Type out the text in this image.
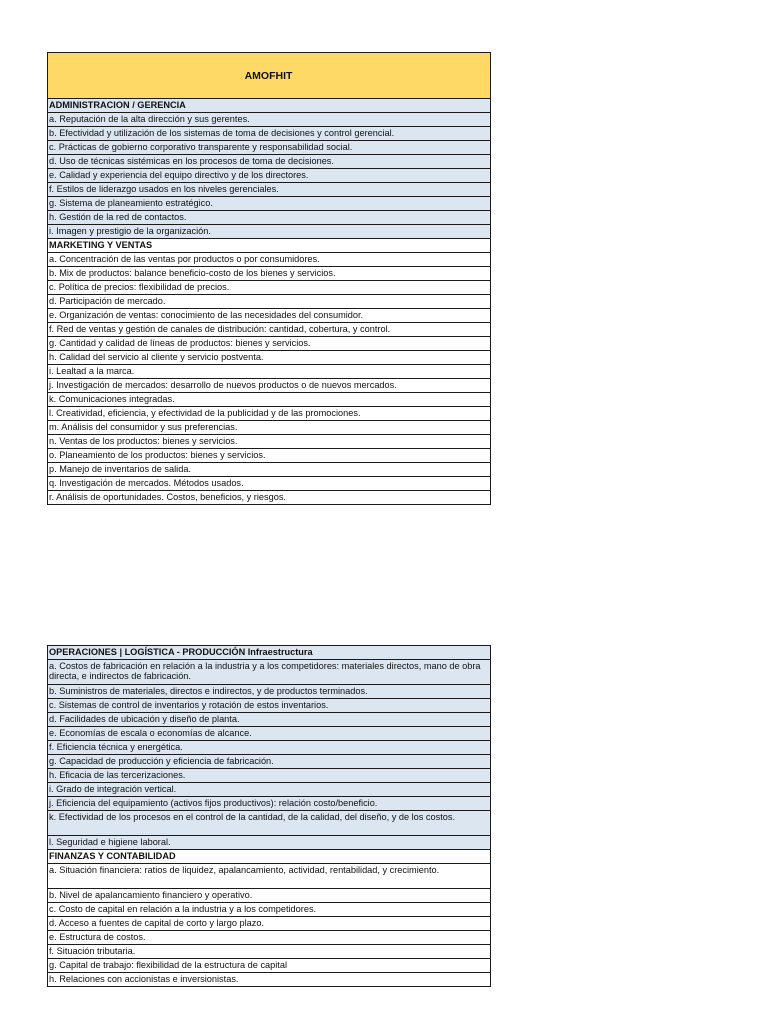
AMOFHIT
ADMINISTRACION / GERENCIA
a. Reputación de la alta dirección y sus gerentes.
b. Efectividad y utilización de los sistemas de toma de decisiones y control gerencial.
c. Prácticas de gobierno corporativo transparente y responsabilidad social.
d. Uso de técnicas sistémicas en los procesos de toma de decisiones.
e. Calidad y experiencia del equipo directivo y de los directores.
f. Estilos de liderazgo usados en los niveles gerenciales.
g. Sistema de planeamiento estratégico.
h. Gestión de la red de contactos.
i. Imagen y prestigio de la organización.
MARKETING Y VENTAS
a. Concentración de las ventas por productos o por consumidores.
b. Mix de productos: balance beneficio-costo de los bienes y servicios.
c. Política de precios: flexibilidad de precios.
d. Participación de mercado.
e. Organización de ventas: conocimiento de las necesidades del consumidor.
f. Red de ventas y gestión de canales de distribución: cantidad, cobertura, y control.
g. Cantidad y calidad de líneas de productos: bienes y servicios.
h. Calidad del servicio al cliente y servicio postventa.
i. Lealtad a la marca.
j. Investigación de mercados: desarrollo de nuevos productos o de nuevos mercados.
k. Comunicaciones integradas.
l. Creatividad, eficiencia, y efectividad de la publicidad y de las promociones.
m. Análisis del consumidor y sus preferencias.
n. Ventas de los productos: bienes y servicios.
o. Planeamiento de los productos: bienes y servicios.
p. Manejo de inventarios de salida.
q. Investigación de mercados. Métodos usados.
r. Análisis de oportunidades. Costos, beneficios, y riesgos.
OPERACIONES | LOGÍSTICA - PRODUCCIÓN Infraestructura
a. Costos de fabricación en relación a la industria y a los competidores: materiales directos, mano de obra directa, e indirectos de fabricación.
b. Suministros de materiales, directos e indirectos, y de productos terminados.
c. Sistemas de control de inventarios y rotación de estos inventarios.
d. Facilidades de ubicación y diseño de planta.
e. Economías de escala o economías de alcance.
f. Eficiencia técnica y energética.
g. Capacidad de producción y eficiencia de fabricación.
h. Eficacia de las tercerizaciones.
i. Grado de integración vertical.
j. Eficiencia del equipamiento (activos fijos productivos): relación costo/beneficio.
k. Efectividad de los procesos en el control de la cantidad, de la calidad, del diseño, y de los costos.
l. Seguridad e higiene laboral.
FINANZAS Y CONTABILIDAD
a. Situación financiera: ratios de liquidez, apalancamiento, actividad, rentabilidad, y crecimiento.
b. Nivel de apalancamiento financiero y operativo.
c. Costo de capital en relación a la industria y a los competidores.
d. Acceso a fuentes de capital de corto y largo plazo.
e. Estructura de costos.
f. Situación tributaria.
g. Capital de trabajo: flexibilidad de la estructura de capital
h. Relaciones con accionistas e inversionistas.
